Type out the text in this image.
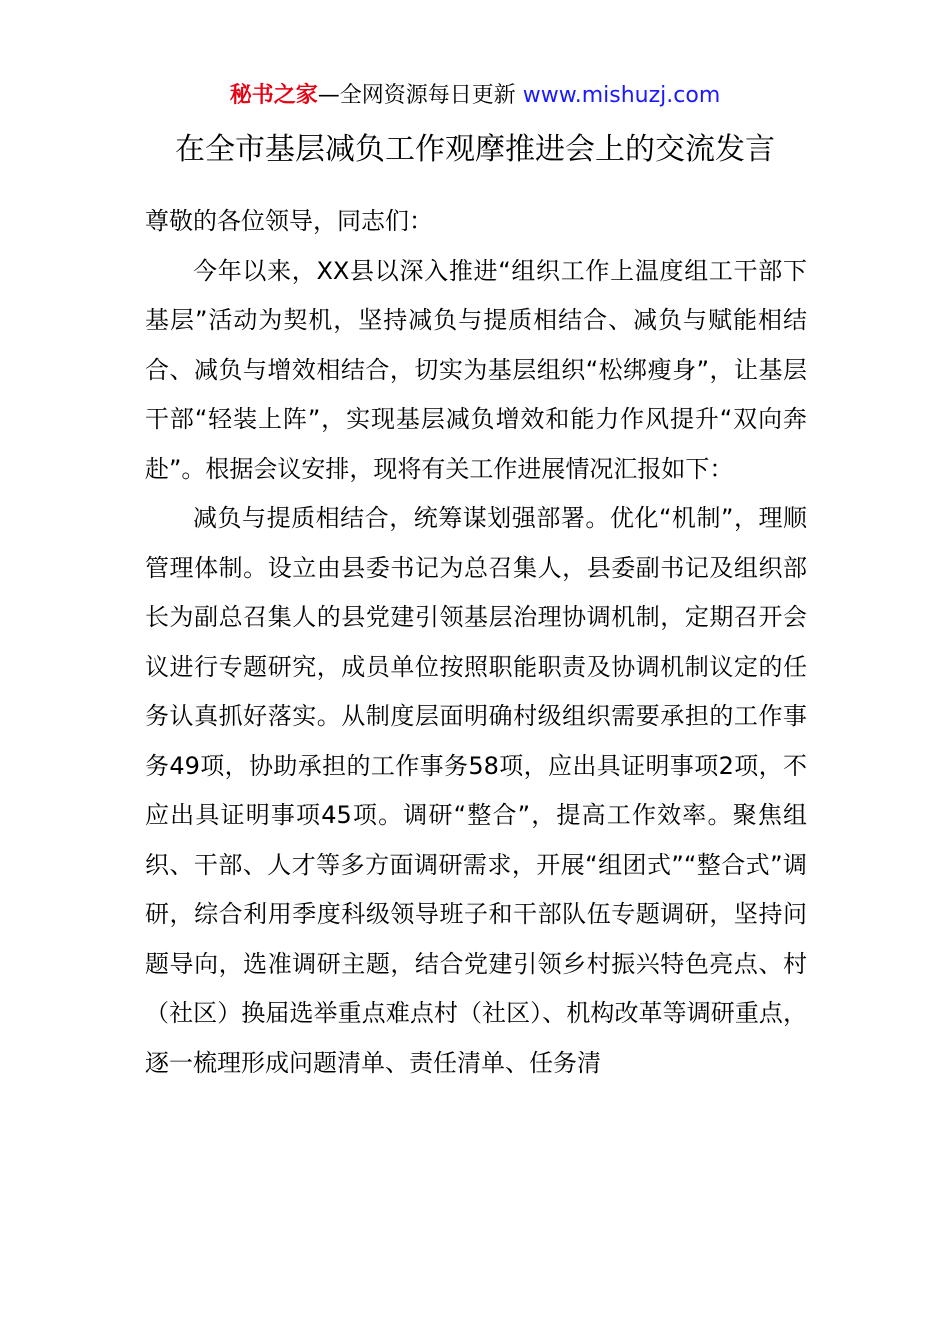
秘书之家—全网资源每日更新 www.mishuzj.com
在全市基层减负工作观摩推进会上的交流发言

尊敬的各位领导，同志们：

今年以来，XX县以深入推进“组织工作上温度组工干部下基层”活动为契机，坚持减负与提质相结合、减负与赋能相结合、减负与增效相结合，切实为基层组织“松绑瘦身”，让基层干部“轻装上阵”，实现基层减负增效和能力作风提升“双向奔赴”。根据会议安排，现将有关工作进展情况汇报如下：

减负与提质相结合，统筹谋划强部署。优化“机制”，理顺管理体制。设立由县委书记为总召集人，县委副书记及组织部长为副总召集人的县党建引领基层治理协调机制，定期召开会议进行专题研究，成员单位按照职能职责及协调机制议定的任务认真抓好落实。从制度层面明确村级组织需要承担的工作事务49项，协助承担的工作事务58项，应出具证明事项2项，不应出具证明事项45项。调研“整合”，提高工作效率。聚焦组织、干部、人才等多方面调研需求，开展“组团式”“整合式”调研，综合利用季度科级领导班子和干部队伍专题调研，坚持问题导向，选准调研主题，结合党建引领乡村振兴特色亮点、村（社区）换届选举重点难点村（社区）、机构改革等调研重点，逐一梳理形成问题清单、责任清单、任务清
